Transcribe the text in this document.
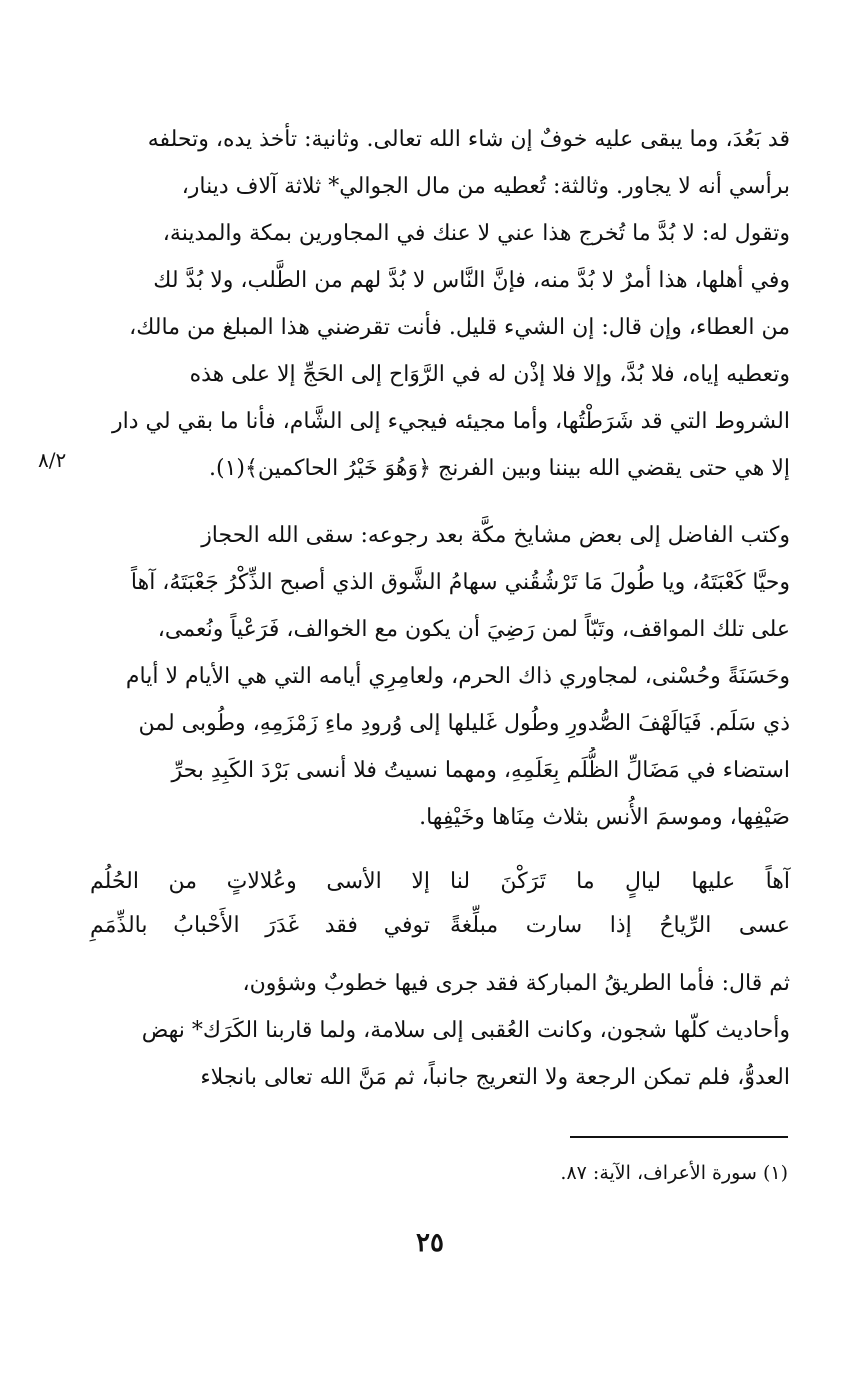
٨/٢
قد بَعُدَ، وما يبقى عليه خوفٌ إن شاء الله تعالى. وثانية: تأخذ يده، وتحلفه
برأسي أنه لا يجاور. وثالثة: تُعطيه من مال الجوالي* ثلاثة آلاف دينار،
وتقول له: لا بُدَّ ما تُخرج هذا عني لا عنك في المجاورين بمكة والمدينة،
وفي أهلها، هذا أمرٌ لا بُدَّ منه، فإنَّ النَّاس لا بُدَّ لهم من الطَّلب، ولا بُدَّ لك
من العطاء، وإن قال: إن الشيء قليل. فأنت تقرضني هذا المبلغ من مالك،
وتعطيه إياه، فلا بُدَّ، وإلا فلا إذْن له في الرَّوَاح إلى الحَجِّ إلا على هذه
الشروط التي قد شَرَطْتُها، وأما مجيئه فيجيء إلى الشَّام، فأنا ما بقي لي دار
إلا هي حتى يقضي الله بيننا وبين الفرنج ﴿وَهُوَ خَيْرُ الحاكمين﴾(١).
وكتب الفاضل إلى بعض مشايخ مكَّة بعد رجوعه: سقى الله الحجاز
وحيَّا كَعْبَتَهُ، ويا طُولَ مَا تَرْشُقُني سهامُ الشَّوق الذي أصبح الذِّكْرُ جَعْبَتَهُ، آهاً
على تلك المواقف، وتَبّاً لمن رَضِيَ أن يكون مع الخوالف، فَرَعْياً ونُعمى،
وحَسَنَةً وحُسْنى، لمجاوري ذاك الحرم، ولعامِرِي أيامه التي هي الأيام لا أيام
ذي سَلَم. فَيَالَهْفَ الصُّدورِ وطُول غَليلها إلى وُرودِ ماءِ زَمْزَمِهِ، وطُوبى لمن
استضاء في مَضَالِّ الظُّلَم بِعَلَمِهِ، ومهما نسيتُ فلا أنسى بَرْدَ الكَبِدِ بحرِّ
صَيْفِها، وموسمَ الأُنس بثلاث مِنَاها وخَيْفِها.
آهاً عليها ليالٍ ما تَرَكْنَ لنا
إلا الأسى وعُلالاتٍ من الحُلُم
عسى الرِّياحُ إذا سارت مبلِّغةً
توفي فقد غَدَرَ الأَحْبابُ بالذِّمَمِ
ثم قال: فأما الطريقُ المباركة فقد جرى فيها خطوبٌ وشؤون،
وأحاديث كلّها شجون، وكانت العُقبى إلى سلامة، ولما قاربنا الكَرَك* نهض
العدوُّ، فلم تمكن الرجعة ولا التعريج جانباً، ثم مَنَّ الله تعالى بانجلاء
(١) سورة الأعراف، الآية: ٨٧.
٢٥
